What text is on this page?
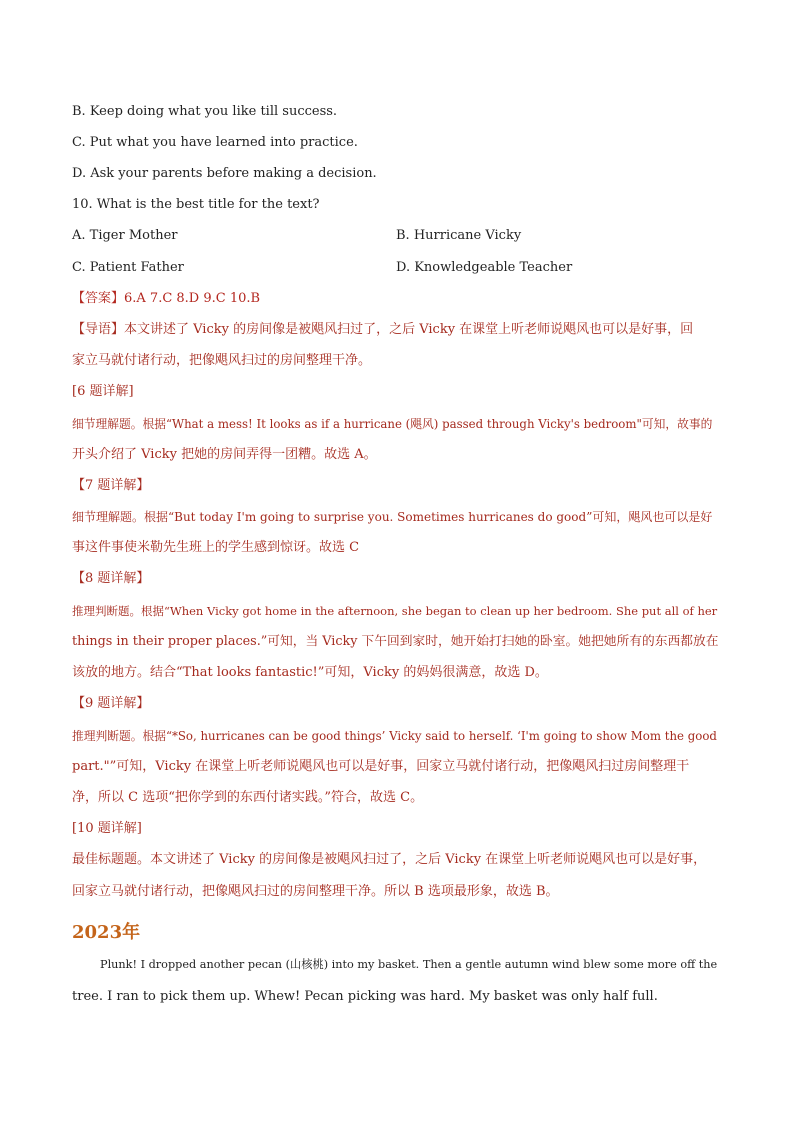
B. Keep doing what you like till success.
C. Put what you have learned into practice.
D. Ask your parents before making a decision.
10. What is the best title for the text?
A. Tiger Mother	B. Hurricane Vicky
C. Patient Father	D. Knowledgeable Teacher
【答案】6.A 7.C 8.D 9.C 10.B
【导语】本文讲述了 Vicky 的房间像是被飓风扫过了，之后 Vicky 在课堂上听老师说飓风也可以是好事，回
家立马就付诸行动，把像飓风扫过的房间整理干净。
[6 题详解]
细节理解题。根据“What a mess! It looks as if a hurricane (飓风) passed through Vicky's bedroom"可知，故事的
开头介绍了 Vicky 把她的房间弄得一团糟。故选 A。
【7 题详解】
细节理解题。根据“But today I'm going to surprise you. Sometimes hurricanes do good”可知，飓风也可以是好
事这件事使米勒先生班上的学生感到惊讶。故选 C
【8 题详解】
推理判断题。根据“When Vicky got home in the afternoon, she began to clean up her bedroom. She put all of her
things in their proper places.”可知，当 Vicky 下午回到家时，她开始打扫她的卧室。她把她所有的东西都放在
该放的地方。结合“That looks fantastic!”可知，Vicky 的妈妈很满意，故选 D。
【9 题详解】
推理判断题。根据“*So, hurricanes can be good things’ Vicky said to herself. ‘I'm going to show Mom the good
part."”可知，Vicky 在课堂上听老师说飓风也可以是好事，回家立马就付诸行动，把像飓风扫过房间整理干
净，所以 C 选项“把你学到的东西付诸实践。”符合，故选 C。
[10 题详解]
最佳标题题。本文讲述了 Vicky 的房间像是被飓风扫过了，之后 Vicky 在课堂上听老师说飓风也可以是好事，
回家立马就付诸行动，把像飓风扫过的房间整理干净。所以 B 选项最形象，故选 B。
2023年
Plunk! I dropped another pecan (山核桃) into my basket. Then a gentle autumn wind blew some more off the
tree. I ran to pick them up. Whew! Pecan picking was hard. My basket was only half full.
